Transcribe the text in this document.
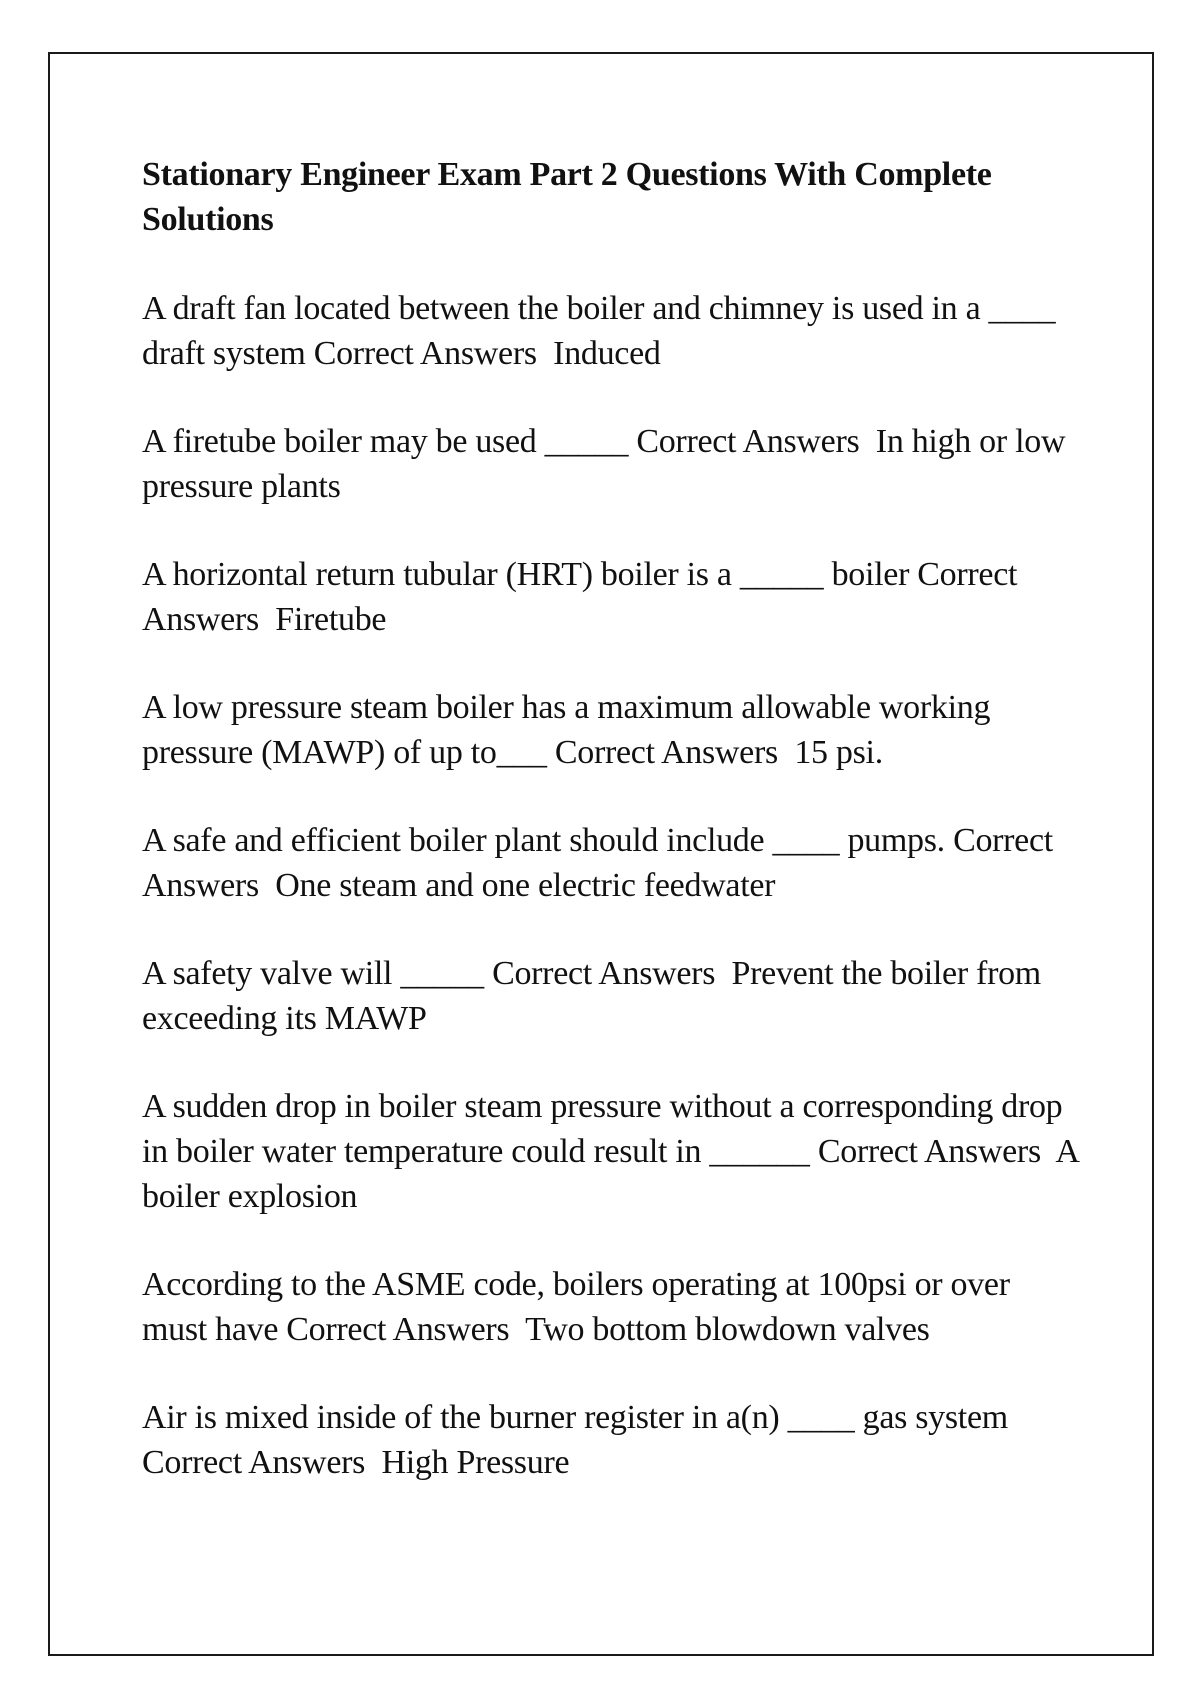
Stationary Engineer Exam Part 2 Questions With Complete Solutions

A draft fan located between the boiler and chimney is used in a ____ draft system Correct Answers  Induced

A firetube boiler may be used _____ Correct Answers  In high or low pressure plants

A horizontal return tubular (HRT) boiler is a _____ boiler Correct Answers  Firetube

A low pressure steam boiler has a maximum allowable working pressure (MAWP) of up to___ Correct Answers  15 psi.

A safe and efficient boiler plant should include ____ pumps. Correct Answers  One steam and one electric feedwater

A safety valve will _____ Correct Answers  Prevent the boiler from exceeding its MAWP

A sudden drop in boiler steam pressure without a corresponding drop in boiler water temperature could result in ______ Correct Answers  A boiler explosion

According to the ASME code, boilers operating at 100psi or over must have Correct Answers  Two bottom blowdown valves

Air is mixed inside of the burner register in a(n) ____ gas system Correct Answers  High Pressure
